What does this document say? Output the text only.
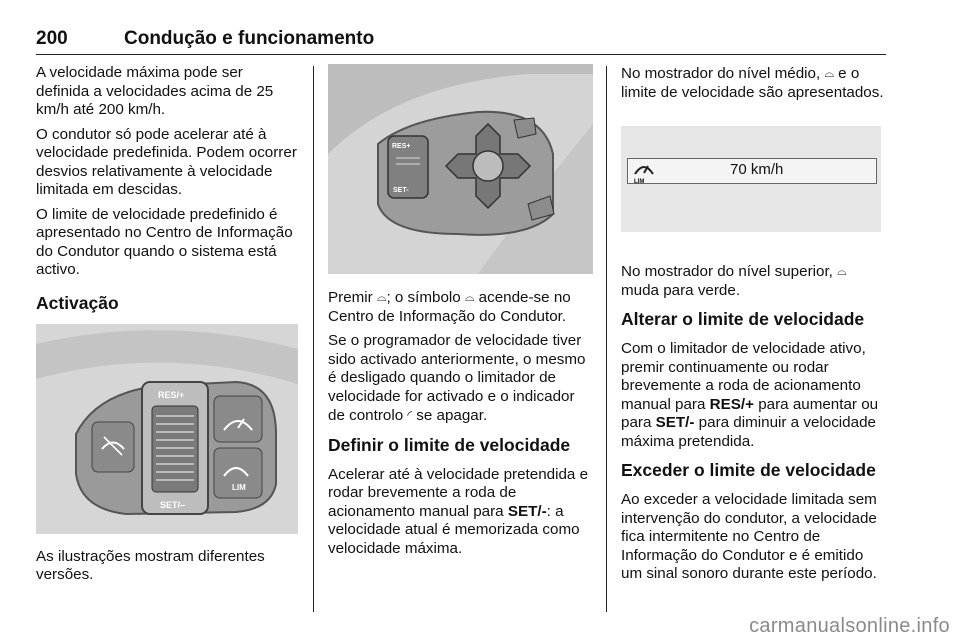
200	Condução e funcionamento

A velocidade máxima pode ser definida a velocidades acima de 25 km/h até 200 km/h.

O condutor só pode acelerar até à velocidade predefinida. Podem ocorrer desvios relativamente à velocidade limitada em descidas.

O limite de velocidade predefinido é apresentado no Centro de Informação do Condutor quando o sistema está activo.

Activação
RES/+
SET/–
LIM

As ilustrações mostram diferentes versões.

RES+
SET-

Premir ⌓; o símbolo ⌓ acende-se no Centro de Informação do Condutor.

Se o programador de velocidade tiver sido activado anteriormente, o mesmo é desligado quando o limitador de velocidade for activado e o indicador de controlo ◜ se apagar.

Definir o limite de velocidade

Acelerar até à velocidade pretendida e rodar brevemente a roda de acionamento manual para SET/-: a velocidade atual é memorizada como velocidade máxima.

No mostrador do nível médio, ⌓ e o limite de velocidade são apresentados.

LIM
70 km/h

No mostrador do nível superior, ⌓ muda para verde.

Alterar o limite de velocidade

Com o limitador de velocidade ativo, premir continuamente ou rodar brevemente a roda de acionamento manual para RES/+ para aumentar ou para SET/- para diminuir a velocidade máxima pretendida.

Exceder o limite de velocidade

Ao exceder a velocidade limitada sem intervenção do condutor, a velocidade fica intermitente no Centro de Informação do Condutor e é emitido um sinal sonoro durante este período.

carmanualsonline.info
